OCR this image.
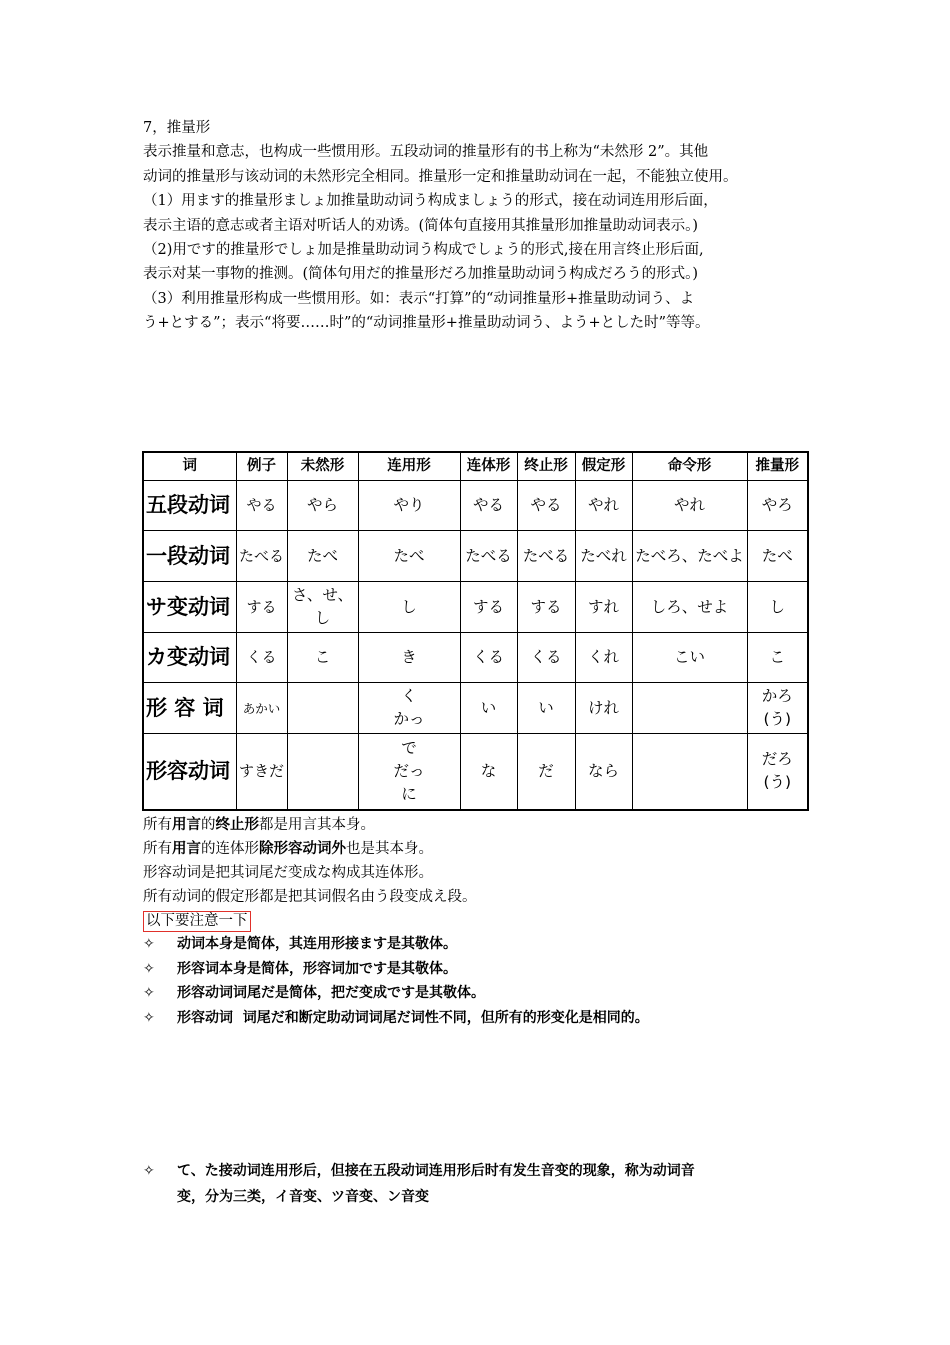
7，推量形

表示推量和意志，也构成一些惯用形。五段动词的推量形有的书上称为“未然形 2”。其他

动词的推量形与该动词的未然形完全相同。推量形一定和推量助动词在一起，不能独立使用。

（1）用ます的推量形ましょ加推量助动词う构成ましょう的形式，接在动词连用形后面，

表示主语的意志或者主语对听话人的劝诱。(简体句直接用其推量形加推量助动词表示。)

（2)用です的推量形でしょ加是推量助动词う构成でしょう的形式,接在用言终止形后面,

表示对某一事物的推测。(简体句用だ的推量形だろ加推量助动词う构成だろう的形式。)

（3）利用推量形构成一些惯用形。如：表示“打算”的“动词推量形+推量助动词う、よ

う+とする”；表示“将要……时”的“动词推量形+推量助动词う、よう+とした时”等等。

词	例子	未然形	连用形	连体形	终止形	假定形	命令形	推量形
五段动词	やる	やら	やり	やる	やる	やれ	やれ	やろ

一段动词	たべる	たべ	たべ	たべる	たべる	たべれ	たべろ、たべよ	たべ

サ变动词	する	さ、せ、
し	し	する	する	すれ	しろ、せよ	し

カ变动词	くる	こ	き	くる	くる	くれ	こい	こ

形 容 词	あかい		く
かっ	い	い	けれ		かろ
(う)

形容动词	すきだ		で
だっ
に	な	だ	なら		だろ
(う)

所有用言的终止形都是用言其本身。

所有用言的连体形除形容动词外也是其本身。

形容动词是把其词尾だ变成な构成其连体形。

所有动词的假定形都是把其词假名由う段变成え段。

以下要注意一下

✧ 动词本身是简体，其连用形接ます是其敬体。
✧ 形容词本身是简体，形容词加です是其敬体。
✧ 形容动词词尾だ是简体，把だ变成です是其敬体。
✧ 形容动词  词尾だ和断定助动词词尾だ词性不同，但所有的形变化是相同的。
✧ て、た接动词连用形后，但接在五段动词连用形后时有发生音变的现象，称为动词音
变，分为三类，イ音变、ツ音变、ン音变
